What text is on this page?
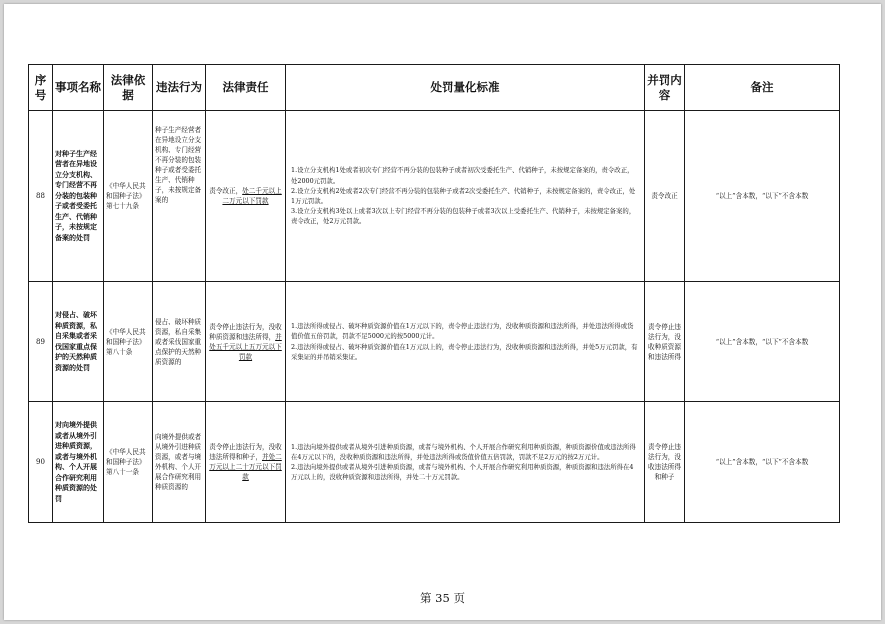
序号	事项名称	法律依据	违法行为	法律责任	处罚量化标准	并罚内容	备注
88	对种子生产经营者在异地设立分支机构、专门经营不再分装的包装种子或者受委托生产、代销种子，未按规定备案的处罚	《中华人民共和国种子法》第七十九条	种子生产经营者在异地设立分支机构、专门经营不再分装的包装种子或者受委托生产、代销种子，未按规定备案的	责令改正，处二千元以上二万元以下罚款	1.设立分支机构1处或者初次专门经营不再分装的包装种子或者初次受委托生产、代销种子，未按规定备案的，责令改正，处2000元罚款。
2.设立分支机构2处或者2次专门经营不再分装的包装种子或者2次受委托生产、代销种子，未按规定备案的，责令改正，处1万元罚款。
3.设立分支机构3处以上或者3次以上专门经营不再分装的包装种子或者3次以上受委托生产、代销种子，未按规定备案的，责令改正，处2万元罚款。	责令改正	“以上”含本数，“以下”不含本数
89	对侵占、破坏种质资源，私自采集或者采伐国家重点保护的天然种质资源的处罚	《中华人民共和国种子法》第八十条	侵占、破坏种质资源，私自采集或者采伐国家重点保护的天然种质资源的	责令停止违法行为，没收种质资源和违法所得，并处五千元以上五万元以下罚款	1.违法所得或侵占、破坏种质资源价值在1万元以下的，责令停止违法行为，没收种质资源和违法所得，并处违法所得或货值价值五倍罚款，罚款不足5000元的按5000元计。
2.违法所得或侵占、破坏种质资源价值在1万元以上的，责令停止违法行为，没收种质资源和违法所得，并处5万元罚款，有采集证的并吊销采集证。	责令停止违法行为，没收种质资源和违法所得	“以上”含本数，“以下”不含本数
90	对向境外提供或者从境外引进种质资源，或者与境外机构、个人开展合作研究利用种质资源的处罚	《中华人民共和国种子法》第八十一条	向境外提供或者从境外引进种质资源，或者与境外机构、个人开展合作研究利用种质资源的	责令停止违法行为，没收违法所得和种子，并处二万元以上二十万元以下罚款	1.违法向境外提供或者从境外引进种质资源，或者与境外机构、个人开展合作研究利用种质资源，种质资源价值或违法所得在4万元以下的，没收种质资源和违法所得，并处违法所得或货值价值五倍罚款，罚款不足2万元的按2万元计。
2.违法向境外提供或者从境外引进种质资源，或者与境外机构、个人开展合作研究利用种质资源，种质资源和违法所得在4万元以上的，没收种质资源和违法所得，并处二十万元罚款。	责令停止违法行为，没收违法所得和种子	“以上”含本数，“以下”不含本数
第 35 页
